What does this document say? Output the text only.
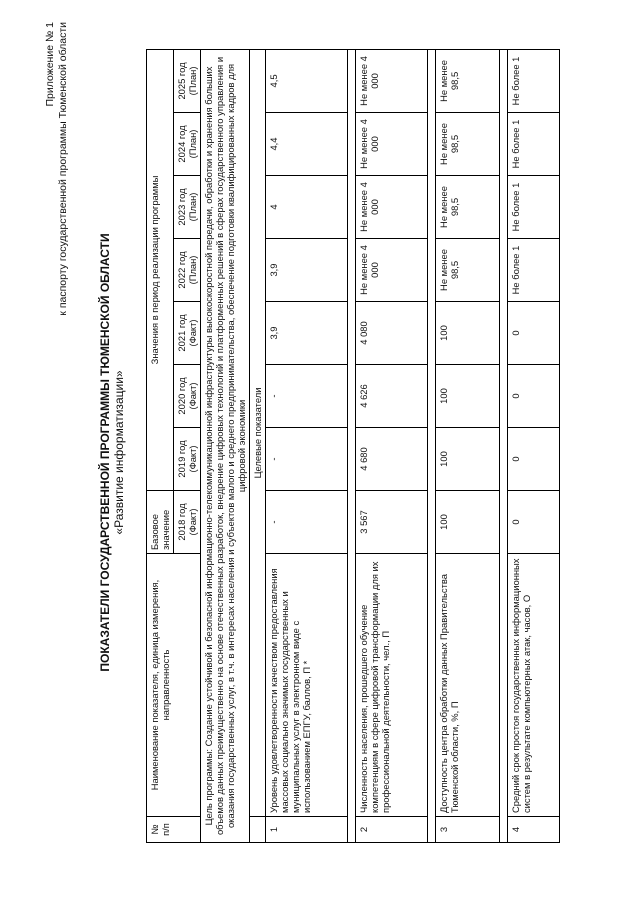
Приложение № 1 к паспорту государственной программы Тюменской области
ПОКАЗАТЕЛИ ГОСУДАРСТВЕННОЙ ПРОГРАММЫ ТЮМЕНСКОЙ ОБЛАСТИ «Развитие информатизации»
№ п/п	Наименование показателя, единица измерения, направленность	Базовое значение	Значения в период реализации программы						
		2018 год (Факт)	2019 год (Факт)	2020 год (Факт)	2021 год (Факт)	2022 год (План)	2023 год (План)	2024 год (План)	2025 год (План)
Цель программы: Создание устойчивой и безопасной информационно-телекоммуникационной инфраструктуры высокоскоростной передачи, обработки и хранения больших объемов данных преимущественно на основе отечественных разработок, внедрение цифровых технологий и платформенных решений в сферах государственного управления и оказания государственных услуг, в т.ч. в интересах населения и субъектов малого и среднего предпринимательства, обеспечение подготовки квалифицированных кадров для цифровой экономики									
	Целевые показатели								
1	Уровень удовлетворенности качеством предоставления массовых социально значимых государственных и муниципальных услуг в электронном виде с использованием ЕПГУ, баллов, П *	-	-	-	3,9	3,9	4	4,4	4,5

2	Численность населения, прошедшего обучение компетенциям в сфере цифровой трансформации для их профессиональной деятельности, чел., П	3 567	4 680	4 626	4 080	Не менее 4 000	Не менее 4 000	Не менее 4 000	Не менее 4 000

3	Доступность центра обработки данных Правительства Тюменской области, %, П	100	100	100	100	Не менее 98,5	Не менее 98,5	Не менее 98,5	Не менее 98,5

4	Средний срок простоя государственных информационных систем в результате компьютерных атак, часов, О	0	0	0	0	Не более 1	Не более 1	Не более 1	Не более 1
